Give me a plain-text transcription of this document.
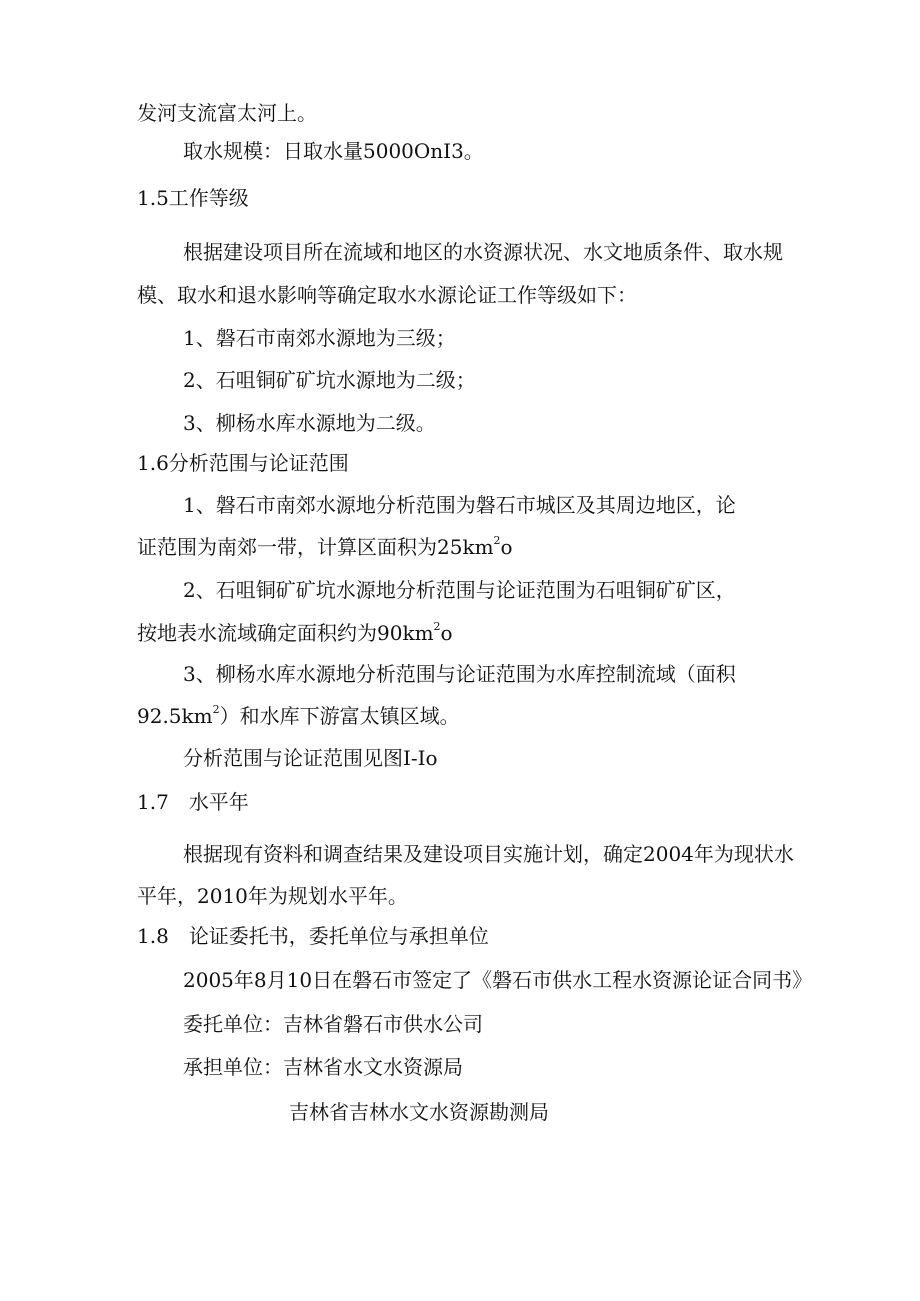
发河支流富太河上。
取水规模：日取水量5000OnI3。
1.5工作等级
根据建设项目所在流域和地区的水资源状况、水文地质条件、取水规
模、取水和退水影响等确定取水水源论证工作等级如下：
1、磐石市南郊水源地为三级；
2、石咀铜矿矿坑水源地为二级；
3、柳杨水库水源地为二级。
1.6分析范围与论证范围
1、磐石市南郊水源地分析范围为磐石市城区及其周边地区，论
证范围为南郊一带，计算区面积为$25km^2o$
2、石咀铜矿矿坑水源地分析范围与论证范围为石咀铜矿矿区，
按地表水流域确定面积约为$90km^2o$
3、柳杨水库水源地分析范围与论证范围为水库控制流域（面积
$92.5km^2$）和水库下游富太镇区域。
分析范围与论证范围见图I-Io
1.7 水平年
根据现有资料和调查结果及建设项目实施计划，确定2004年为现状水
平年，2010年为规划水平年。
1.8 论证委托书，委托单位与承担单位
2005年8月10日在磐石市签定了《磐石市供水工程水资源论证合同书》
委托单位：吉林省磐石市供水公司
承担单位：吉林省水文水资源局
吉林省吉林水文水资源勘测局
